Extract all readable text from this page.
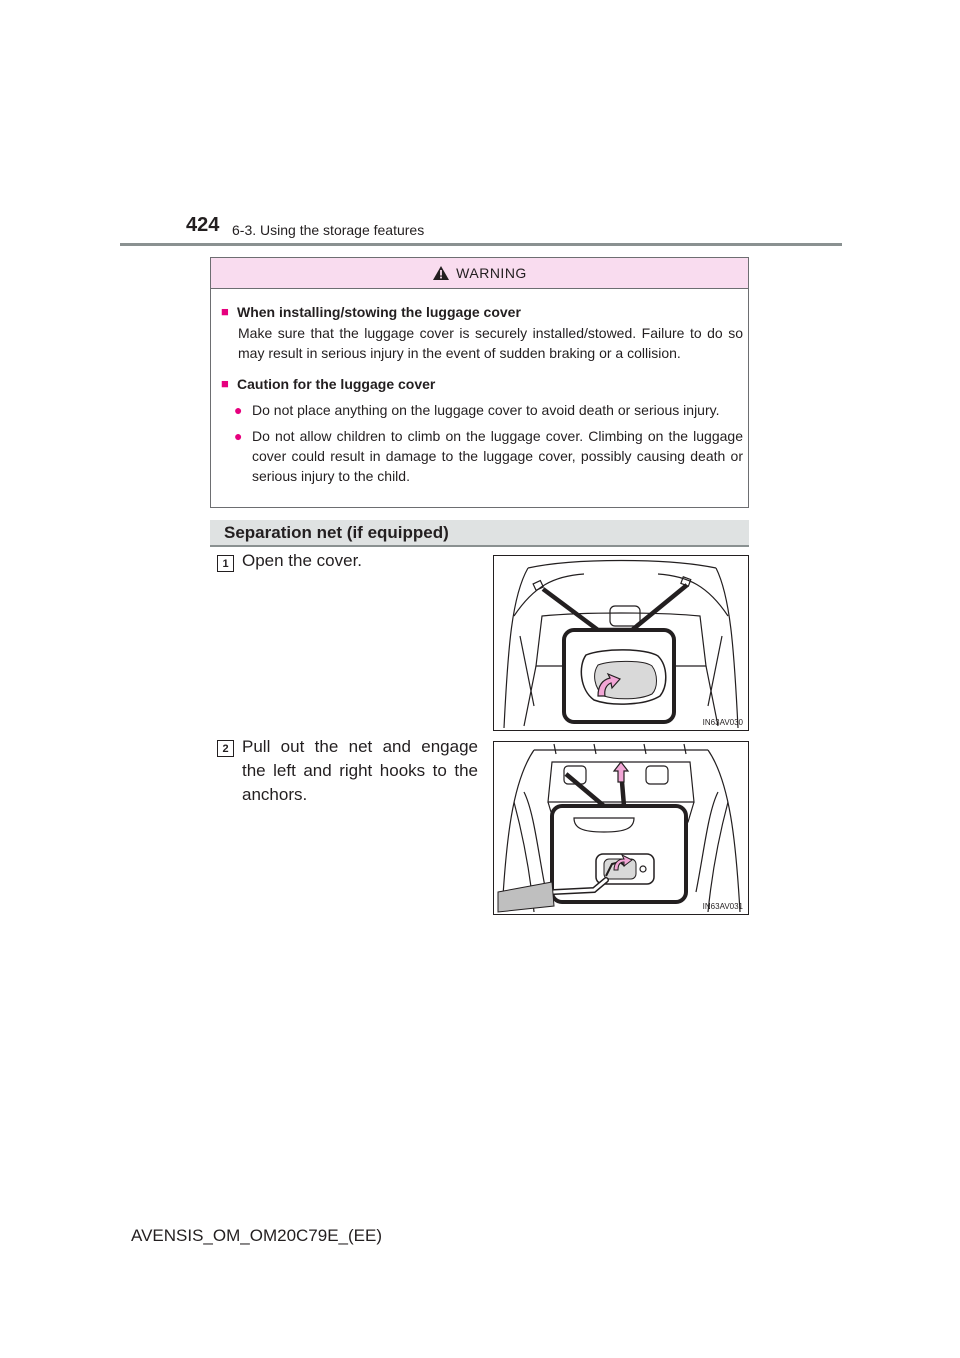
424 6-3. Using the storage features
WARNING
■ When installing/stowing the luggage cover
Make sure that the luggage cover is securely installed/stowed. Failure to do so may result in serious injury in the event of sudden braking or a collision.
■ Caution for the luggage cover
● Do not place anything on the luggage cover to avoid death or serious injury.
● Do not allow children to climb on the luggage cover. Climbing on the luggage cover could result in damage to the luggage cover, possibly causing death or serious injury to the child.
Separation net (if equipped)
1 Open the cover.
IN63AV030
2 Pull out the net and engage the left and right hooks to the anchors.
IN63AV031
AVENSIS_OM_OM20C79E_(EE)
